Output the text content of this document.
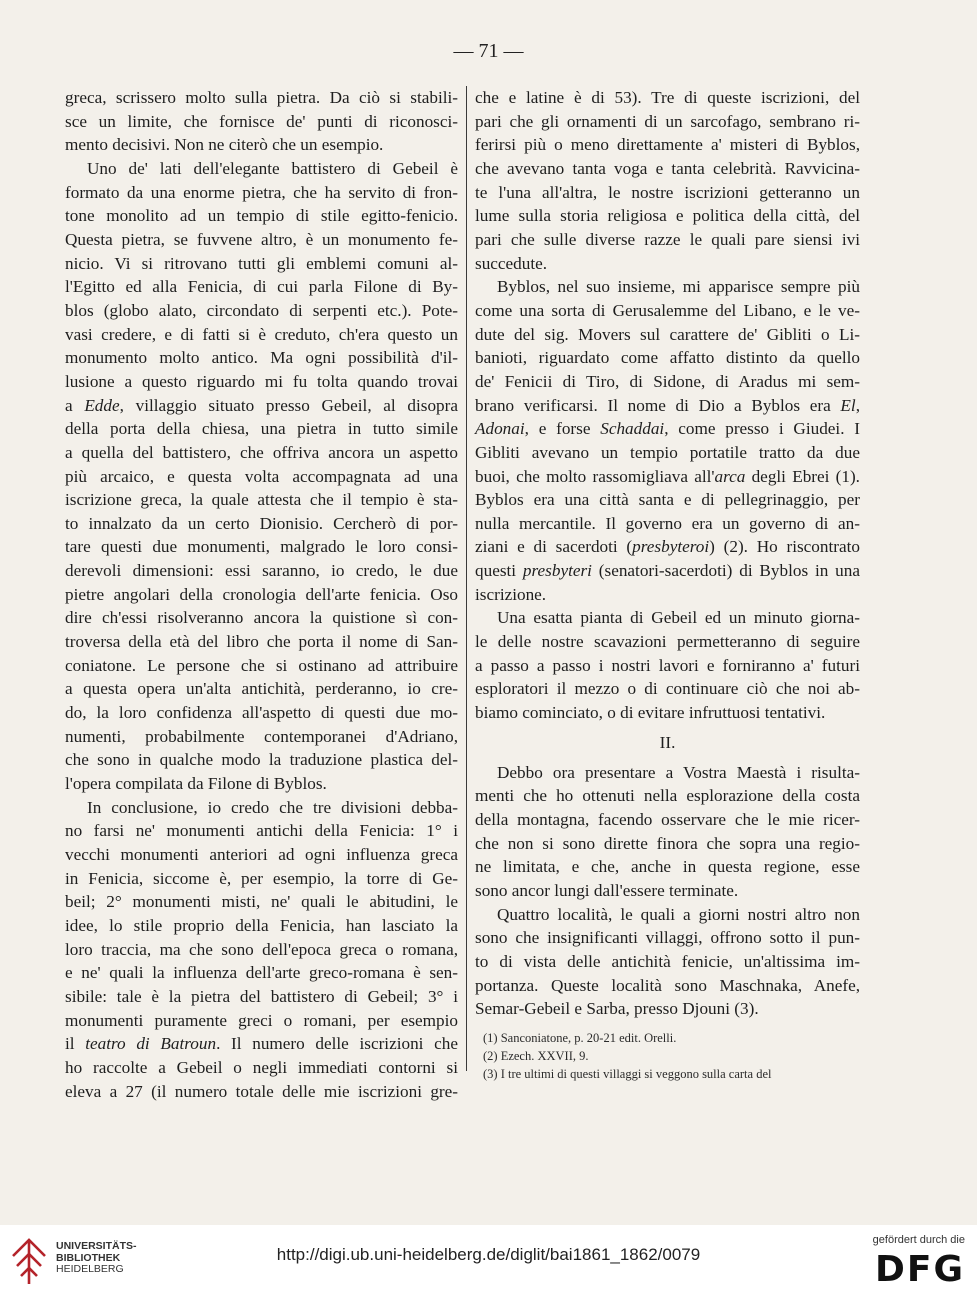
— 71 —
greca, scrissero molto sulla pietra. Da ciò si stabili-
sce un limite, che fornisce de' punti di riconosci-
mento decisivi. Non ne citerò che un esempio.
Uno de' lati dell'elegante battistero di Gebeil è
formato da una enorme pietra, che ha servito di fron-
tone monolito ad un tempio di stile egitto-fenicio.
Questa pietra, se fuvvene altro, è un monumento fe-
nicio. Vi si ritrovano tutti gli emblemi comuni al-
l'Egitto ed alla Fenicia, di cui parla Filone di By-
blos (globo alato, circondato di serpenti etc.). Pote-
vasi credere, e di fatti si è creduto, ch'era questo un
monumento molto antico. Ma ogni possibilità d'il-
lusione a questo riguardo mi fu tolta quando trovai
a Edde, villaggio situato presso Gebeil, al disopra
della porta della chiesa, una pietra in tutto simile
a quella del battistero, che offriva ancora un aspetto
più arcaico, e questa volta accompagnata ad una
iscrizione greca, la quale attesta che il tempio è sta-
to innalzato da un certo Dionisio. Cercherò di por-
tare questi due monumenti, malgrado le loro consi-
derevoli dimensioni: essi saranno, io credo, le due
pietre angolari della cronologia dell'arte fenicia. Oso
dire ch'essi risolveranno ancora la quistione sì con-
troversa della età del libro che porta il nome di San-
coniatone. Le persone che si ostinano ad attribuire
a questa opera un'alta antichità, perderanno, io cre-
do, la loro confidenza all'aspetto di questi due mo-
numenti, probabilmente contemporanei d'Adriano,
che sono in qualche modo la traduzione plastica del-
l'opera compilata da Filone di Byblos.
In conclusione, io credo che tre divisioni debba-
no farsi ne' monumenti antichi della Fenicia: 1° i
vecchi monumenti anteriori ad ogni influenza greca
in Fenicia, siccome è, per esempio, la torre di Ge-
beil; 2° monumenti misti, ne' quali le abitudini, le
idee, lo stile proprio della Fenicia, han lasciato la
loro traccia, ma che sono dell'epoca greca o romana,
e ne' quali la influenza dell'arte greco-romana è sen-
sibile: tale è la pietra del battistero di Gebeil; 3° i
monumenti puramente greci o romani, per esempio
il teatro di Batroun. Il numero delle iscrizioni che
ho raccolte a Gebeil o negli immediati contorni si
eleva a 27 (il numero totale delle mie iscrizioni gre-
che e latine è di 53). Tre di queste iscrizioni, del
pari che gli ornamenti di un sarcofago, sembrano ri-
ferirsi più o meno direttamente a' misteri di Byblos,
che avevano tanta voga e tanta celebrità. Ravvicina-
te l'una all'altra, le nostre iscrizioni getteranno un
lume sulla storia religiosa e politica della città, del
pari che sulle diverse razze le quali pare siensi ivi
succedute.
Byblos, nel suo insieme, mi apparisce sempre più
come una sorta di Gerusalemme del Libano, e le ve-
dute del sig. Movers sul carattere de' Gibliti o Li-
banioti, riguardato come affatto distinto da quello
de' Fenicii di Tiro, di Sidone, di Aradus mi sem-
brano verificarsi. Il nome di Dio a Byblos era El,
Adonai, e forse Schaddai, come presso i Giudei. I
Gibliti avevano un tempio portatile tratto da due
buoi, che molto rassomigliava all'arca degli Ebrei (1).
Byblos era una città santa e di pellegrinaggio, per
nulla mercantile. Il governo era un governo di an-
ziani e di sacerdoti (presbyteroi) (2). Ho riscontrato
questi presbyteri (senatori-sacerdoti) di Byblos in una
iscrizione.
Una esatta pianta di Gebeil ed un minuto giorna-
le delle nostre scavazioni permetteranno di seguire
a passo a passo i nostri lavori e forniranno a' futuri
esploratori il mezzo o di continuare ciò che noi ab-
biamo cominciato, o di evitare infruttuosi tentativi.
II.
Debbo ora presentare a Vostra Maestà i risulta-
menti che ho ottenuti nella esplorazione della costa
della montagna, facendo osservare che le mie ricer-
che non si sono dirette finora che sopra una regio-
ne limitata, e che, anche in questa regione, esse
sono ancor lungi dall'essere terminate.
Quattro località, le quali a giorni nostri altro non
sono che insignificanti villaggi, offrono sotto il pun-
to di vista delle antichità fenicie, un'altissima im-
portanza. Queste località sono Maschnaka, Anefe,
Semar-Gebeil e Sarba, presso Djouni (3).
(1) Sanconiatone, p. 20-21 edit. Orelli.
(2) Ezech. XXVII, 9.
(3) I tre ultimi di questi villaggi si veggono sulla carta del
UNIVERSITÄTS-
BIBLIOTHEK
HEIDELBERG
http://digi.ub.uni-heidelberg.de/diglit/bai1861_1862/0079
gefördert durch die
DFG
